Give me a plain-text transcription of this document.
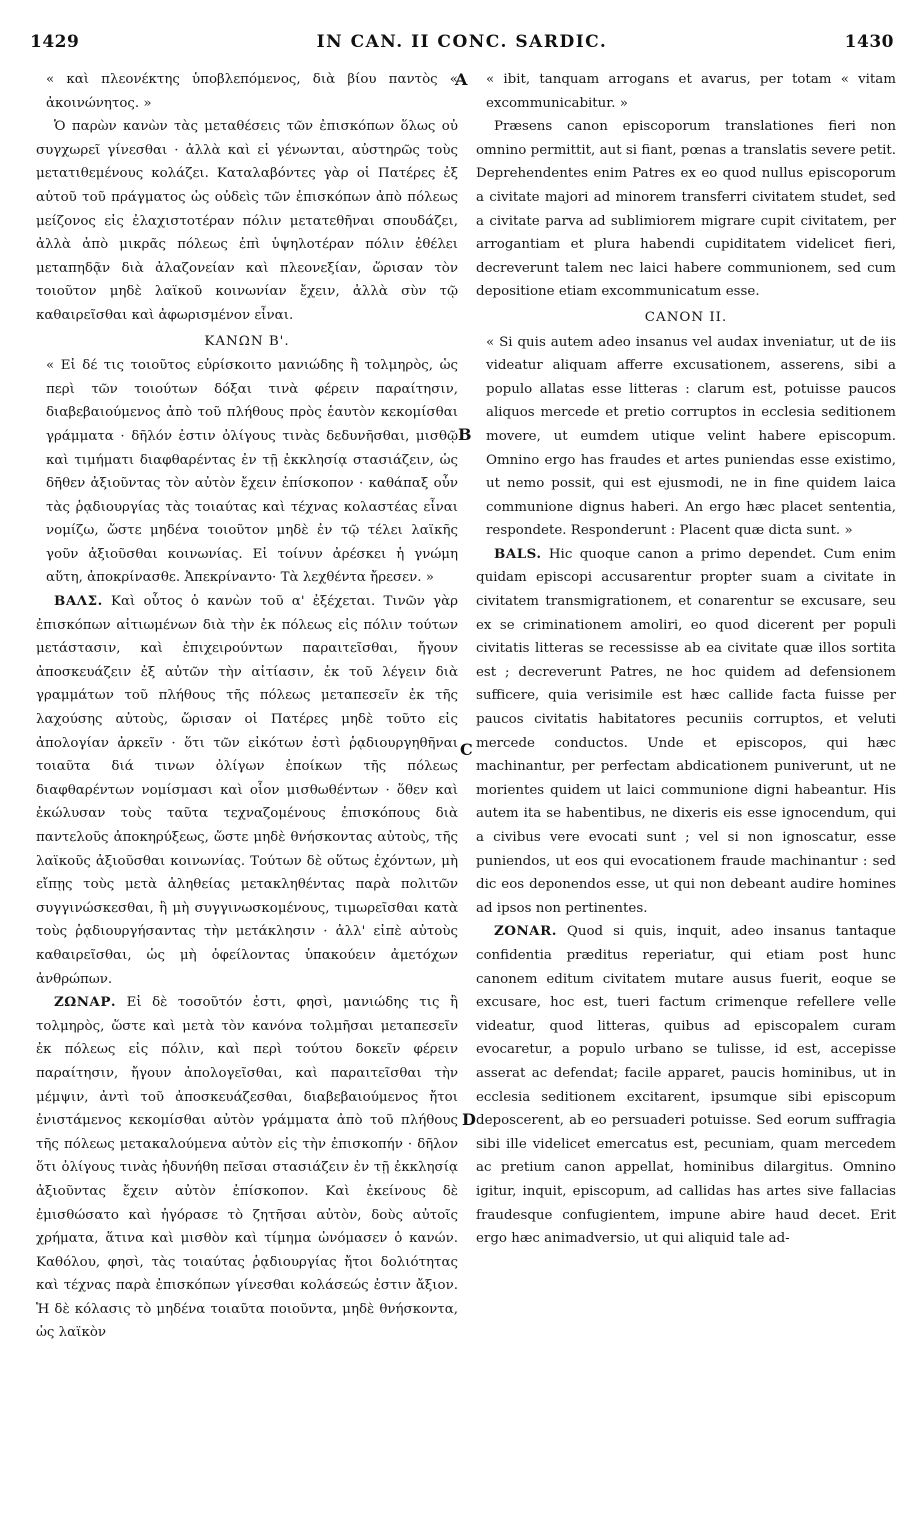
1429	IN CAN. II CONC. SARDIC.	1430

« καὶ πλεονέκτης ὑποβλεπόμενος, διὰ βίου παντὸς « ἀκοινώνητος. »

Ὁ παρὼν κανὼν τὰς μεταθέσεις τῶν ἐπισκόπων ὅλως οὐ συγχωρεῖ γίνεσθαι · ἀλλὰ καὶ εἰ γένωνται, αὐστηρῶς τοὺς μετατιθεμένους κολάζει. Καταλαβόντες γὰρ οἱ Πατέρες ἐξ αὐτοῦ τοῦ πράγματος ὡς οὐδεὶς τῶν ἐπισκόπων ἀπὸ πόλεως μείζονος εἰς ἐλαχιστοτέραν πόλιν μετατεθῆναι σπουδάζει, ἀλλὰ ἀπὸ μικρᾶς πόλεως ἐπὶ ὑψηλοτέραν πόλιν ἐθέλει μεταπηδᾷν διὰ ἀλαζονείαν καὶ πλεονεξίαν, ὥρισαν τὸν τοιοῦτον μηδὲ λαϊκοῦ κοινωνίαν ἔχειν, ἀλλὰ σὺν τῷ καθαιρεῖσθαι καὶ ἀφωρισμένον εἶναι.

ΚΑΝΩΝ Β'.

« Εἰ δέ τις τοιοῦτος εὑρίσκοιτο μανιώδης ἢ τολμηρὸς, ὡς περὶ τῶν τοιούτων δόξαι τινὰ φέρειν παραίτησιν, διαβεβαιούμενος ἀπὸ τοῦ πλήθους πρὸς ἑαυτὸν κεκομίσθαι γράμματα · δῆλόν ἐστιν ὀλίγους τινὰς δεδυνῆσθαι, μισθῷ καὶ τιμήματι διαφθαρέντας ἐν τῇ ἐκκλησίᾳ στασιάζειν, ὡς δῆθεν ἀξιοῦντας τὸν αὐτὸν ἔχειν ἐπίσκοπον · καθάπαξ οὖν τὰς ῥᾳδιουργίας τὰς τοιαύτας καὶ τέχνας κολαστέας εἶναι νομίζω, ὥστε μηδένα τοιοῦτον μηδὲ ἐν τῷ τέλει λαϊκῆς γοῦν ἀξιοῦσθαι κοινωνίας. Εἰ τοίνυν ἀρέσκει ἡ γνώμη αὕτη, ἀποκρίνασθε. Ἀπεκρίναντο· Τὰ λεχθέντα ἤρεσεν. »

ΒΑΛΣ. Καὶ οὗτος ὁ κανὼν τοῦ α' ἐξέχεται. Τινῶν γὰρ ἐπισκόπων αἰτιωμένων διὰ τὴν ἐκ πόλεως εἰς πόλιν τούτων μετάστασιν, καὶ ἐπιχειρούντων παραιτεῖσθαι, ἤγουν ἀποσκευάζειν ἐξ αὐτῶν τὴν αἰτίασιν, ἐκ τοῦ λέγειν διὰ γραμμάτων τοῦ πλήθους τῆς πόλεως μεταπεσεῖν ἐκ τῆς λαχούσης αὐτοὺς, ὥρισαν οἱ Πατέρες μηδὲ τοῦτο εἰς ἀπολογίαν ἀρκεῖν · ὅτι τῶν εἰκότων ἐστὶ ῥᾳδιουργηθῆναι τοιαῦτα διά τινων ὀλίγων ἐποίκων τῆς πόλεως διαφθαρέντων νομίσμασι καὶ οἷον μισθωθέντων · ὅθεν καὶ ἐκώλυσαν τοὺς ταῦτα τεχναζομένους ἐπισκόπους διὰ παντελοῦς ἀποκηρύξεως, ὥστε μηδὲ θνήσκοντας αὐτοὺς, τῆς λαϊκοῦς ἀξιοῦσθαι κοινωνίας. Τούτων δὲ οὕτως ἐχόντων, μὴ εἴπῃς τοὺς μετὰ ἀληθείας μετακληθέντας παρὰ πολιτῶν συγγινώσκεσθαι, ἢ μὴ συγγινωσκομένους, τιμωρεῖσθαι κατὰ τοὺς ῥᾳδιουργήσαντας τὴν μετάκλησιν · ἀλλ' εἰπὲ αὐτοὺς καθαιρεῖσθαι, ὡς μὴ ὀφείλοντας ὑπακούειν ἀμετόχων ἀνθρώπων.

ΖΩΝΑΡ. Εἰ δὲ τοσοῦτόν ἐστι, φησὶ, μανιώδης τις ἢ τολμηρὸς, ὥστε καὶ μετὰ τὸν κανόνα τολμῆσαι μεταπεσεῖν ἐκ πόλεως εἰς πόλιν, καὶ περὶ τούτου δοκεῖν φέρειν παραίτησιν, ἤγουν ἀπολογεῖσθαι, καὶ παραιτεῖσθαι τὴν μέμψιν, ἀντὶ τοῦ ἀποσκευάζεσθαι, διαβεβαιούμενος ἤτοι ἐνιστάμενος κεκομίσθαι αὐτὸν γράμματα ἀπὸ τοῦ πλήθους τῆς πόλεως μετακαλούμενα αὐτὸν εἰς τὴν ἐπισκοπήν · δῆλον ὅτι ὀλίγους τινὰς ἠδυνήθη πεῖσαι στασιάζειν ἐν τῇ ἐκκλησίᾳ ἀξιοῦντας ἔχειν αὐτὸν ἐπίσκοπον. Καὶ ἐκείνους δὲ ἐμισθώσατο καὶ ἠγόρασε τὸ ζητῆσαι αὐτὸν, δοὺς αὐτοῖς χρήματα, ἅτινα καὶ μισθὸν καὶ τίμημα ὠνόμασεν ὁ κανών. Καθόλου, φησὶ, τὰς τοιαύτας ῥᾳδιουργίας ἤτοι δολιότητας καὶ τέχνας παρὰ ἐπισκόπων γίνεσθαι κολάσεώς ἐστιν ἄξιον. Ἡ δὲ κόλασις τὸ μηδένα τοιαῦτα ποιοῦντα, μηδὲ θνήσκοντα, ὡς λαϊκὸν

« ibit, tanquam arrogans et avarus, per totam « vitam excommunicabitur. »

Præsens canon episcoporum translationes fieri non omnino permittit, aut si fiant, pœnas a translatis severe petit. Deprehendentes enim Patres ex eo quod nullus episcoporum a civitate majori ad minorem transferri civitatem studet, sed a civitate parva ad sublimiorem migrare cupit civitatem, per arrogantiam et plura habendi cupiditatem videlicet fieri, decreverunt talem nec laici habere communionem, sed cum depositione etiam excommunicatum esse.

CANON II.

« Si quis autem adeo insanus vel audax inveniatur, ut de iis videatur aliquam afferre excusationem, asserens, sibi a populo allatas esse litteras : clarum est, potuisse paucos aliquos mercede et pretio corruptos in ecclesia seditionem movere, ut eumdem utique velint habere episcopum. Omnino ergo has fraudes et artes puniendas esse existimo, ut nemo possit, qui est ejusmodi, ne in fine quidem laica communione dignus haberi. An ergo hæc placet sententia, respondete. Responderunt : Placent quæ dicta sunt. »

BALS. Hic quoque canon a primo dependet. Cum enim quidam episcopi accusarentur propter suam a civitate in civitatem transmigrationem, et conarentur se excusare, seu ex se criminationem amoliri, eo quod dicerent per populi civitatis litteras se recessisse ab ea civitate quæ illos sortita est ; decreverunt Patres, ne hoc quidem ad defensionem sufficere, quia verisimile est hæc callide facta fuisse per paucos civitatis habitatores pecuniis corruptos, et veluti mercede conductos. Unde et episcopos, qui hæc machinantur, per perfectam abdicationem puniverunt, ut ne morientes quidem ut laici communione digni habeantur. His autem ita se habentibus, ne dixeris eis esse ignocendum, qui a civibus vere evocati sunt ; vel si non ignoscatur, esse puniendos, ut eos qui evocationem fraude machinantur : sed dic eos deponendos esse, ut qui non debeant audire homines ad ipsos non pertinentes.

ZONAR. Quod si quis, inquit, adeo insanus tantaque confidentia præditus reperiatur, qui etiam post hunc canonem editum civitatem mutare ausus fuerit, eoque se excusare, hoc est, tueri factum crimenque refellere velle videatur, quod litteras, quibus ad episcopalem curam evocaretur, a populo urbano se tulisse, id est, accepisse asserat ac defendat; facile apparet, paucis hominibus, ut in ecclesia seditionem excitarent, ipsumque sibi episcopum deposcerent, ab eo persuaderi potuisse. Sed eorum suffragia sibi ille videlicet emercatus est, pecuniam, quam mercedem ac pretium canon appellat, hominibus dilargitus. Omnino igitur, inquit, episcopum, ad callidas has artes sive fallacias fraudesque confugientem, impune abire haud decet. Erit ergo hæc animadversio, ut qui aliquid tale ad-

A
B
C
D
